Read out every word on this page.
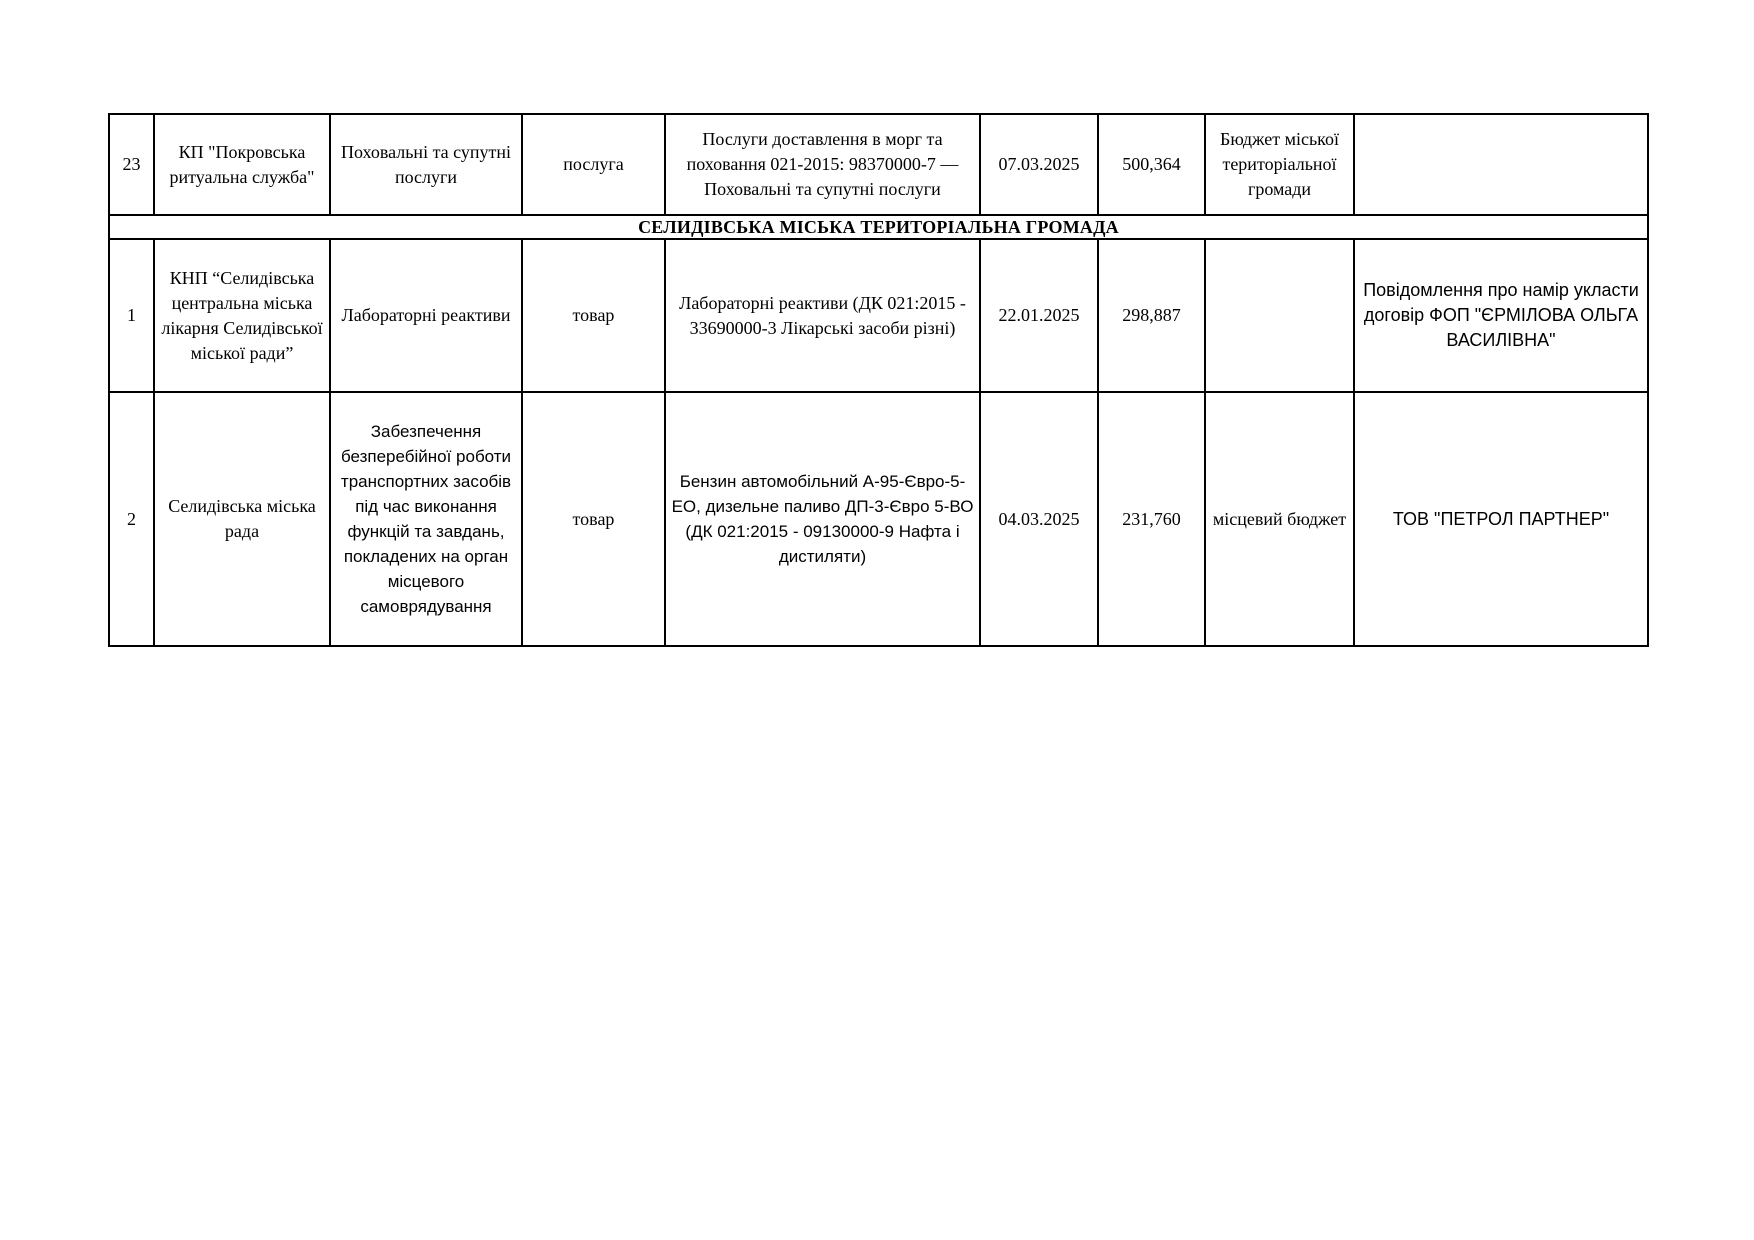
23	КП "Покровська ритуальна служба"	Поховальні та супутні послуги	послуга	Послуги доставлення в морг та поховання 021-2015: 98370000-7 — Поховальні та супутні послуги	07.03.2025	500,364	Бюджет міської територіальної громади	
СЕЛИДІВСЬКА МІСЬКА ТЕРИТОРІАЛЬНА ГРОМАДА								
1	КНП “Селидівська центральна міська лікарня Селидівської міської ради”	Лабораторні реактиви	товар	Лабораторні реактиви (ДК 021:2015 - 33690000-3 Лікарські засоби різні)	22.01.2025	298,887		Повідомлення про намір укласти договір ФОП "ЄРМІЛОВА ОЛЬГА ВАСИЛІВНА"
2	Селидівська міська рада	Забезпечення безперебійної роботи транспортних засобів під час виконання функцій та завдань, покладених на орган місцевого самоврядування	товар	Бензин автомобільний А-95-Євро-5-ЕО, дизельне паливо ДП-3-Євро 5-ВО (ДК 021:2015 - 09130000-9 Нафта і дистиляти)	04.03.2025	231,760	місцевий бюджет	ТОВ "ПЕТРОЛ ПАРТНЕР"
